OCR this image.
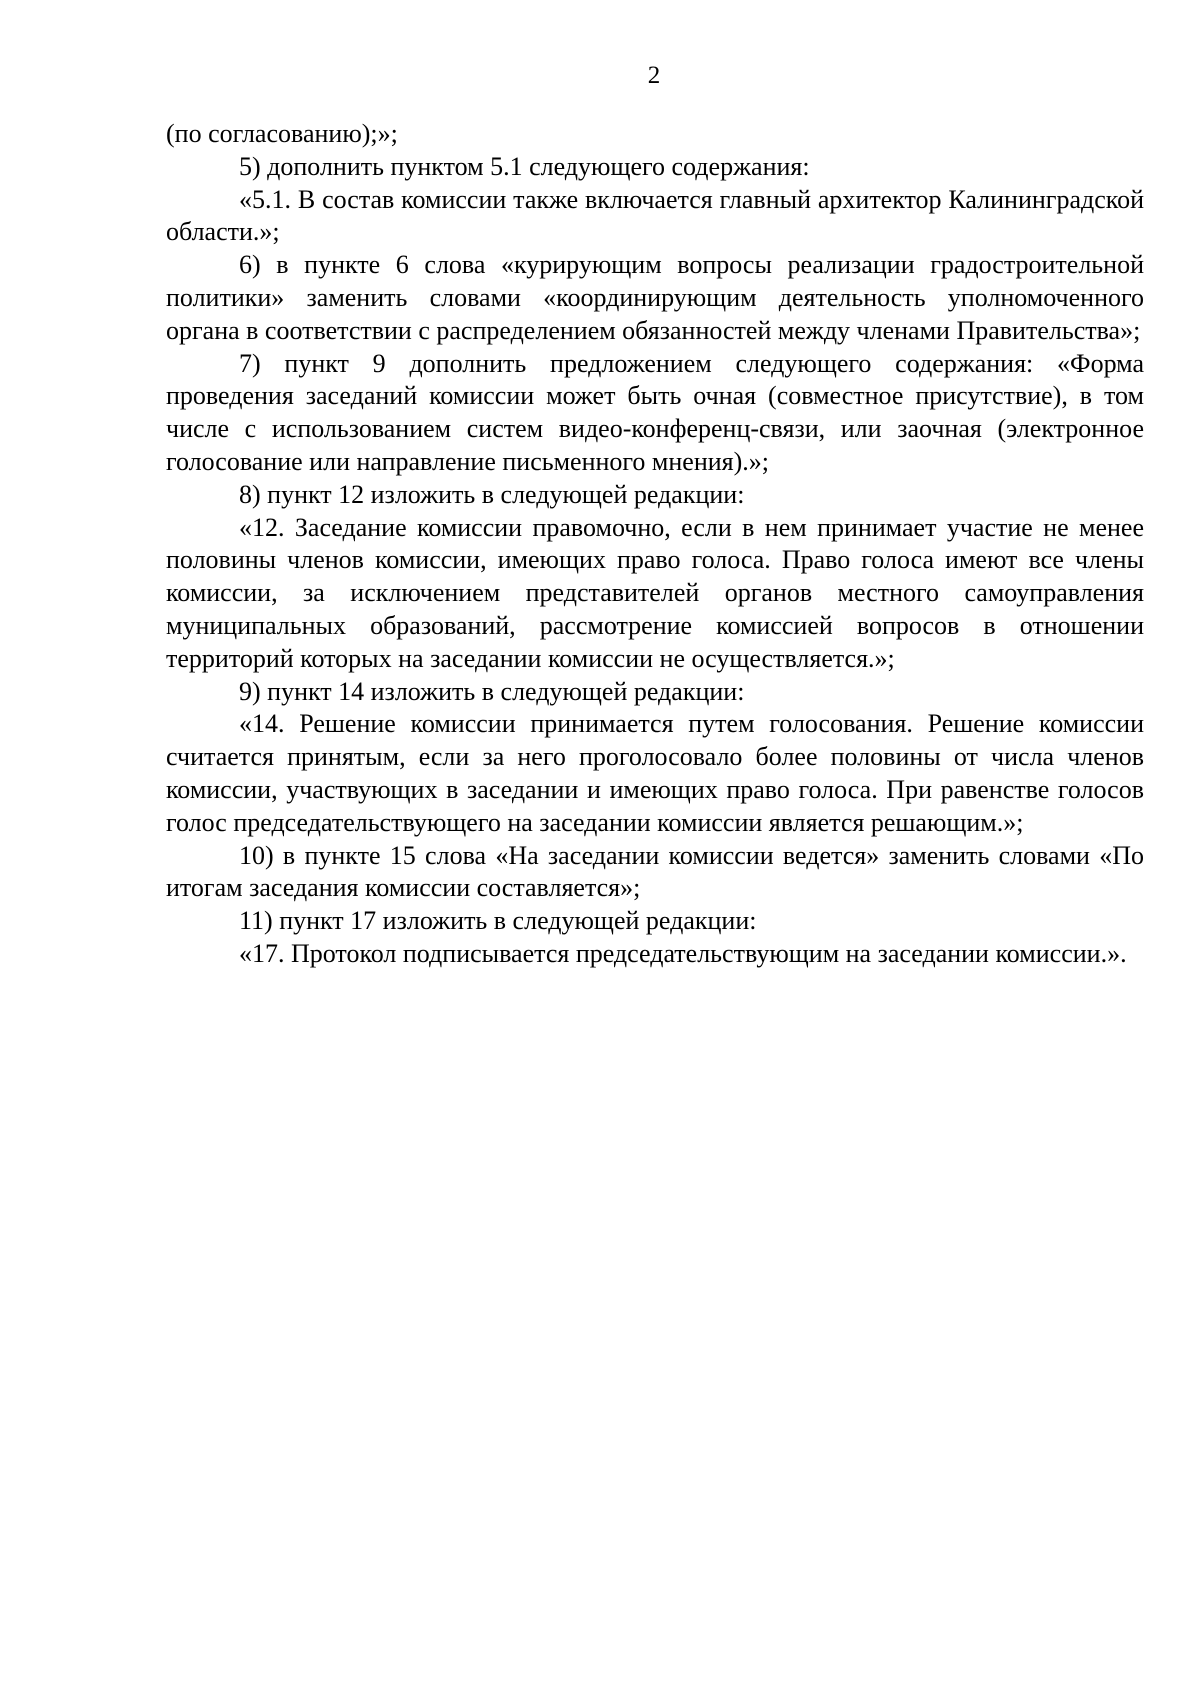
2

(по согласованию);»;

5) дополнить пунктом 5.1 следующего содержания:

«5.1. В состав комиссии также включается главный архитектор Калининградской области.»;

6) в пункте 6 слова «курирующим вопросы реализации градостроительной политики» заменить словами «координирующим деятельность уполномоченного органа в соответствии с распределением обязанностей между членами Правительства»;

7) пункт 9 дополнить предложением следующего содержания: «Форма проведения заседаний комиссии может быть очная (совместное присутствие), в том числе с использованием систем видео-конференц-связи, или заочная (электронное голосование или направление письменного мнения).»;

8) пункт 12 изложить в следующей редакции:

«12. Заседание комиссии правомочно, если в нем принимает участие не менее половины членов комиссии, имеющих право голоса. Право голоса имеют все члены комиссии, за исключением представителей органов местного самоуправления муниципальных образований, рассмотрение комиссией вопросов в отношении территорий которых на заседании комиссии не осуществляется.»;

9) пункт 14 изложить в следующей редакции:

«14. Решение комиссии принимается путем голосования. Решение комиссии считается принятым, если за него проголосовало более половины от числа членов комиссии, участвующих в заседании и имеющих право голоса. При равенстве голосов голос председательствующего на заседании комиссии является решающим.»;

10) в пункте 15 слова «На заседании комиссии ведется» заменить словами «По итогам заседания комиссии составляется»;

11) пункт 17 изложить в следующей редакции:

«17. Протокол подписывается председательствующим на заседании комиссии.».
